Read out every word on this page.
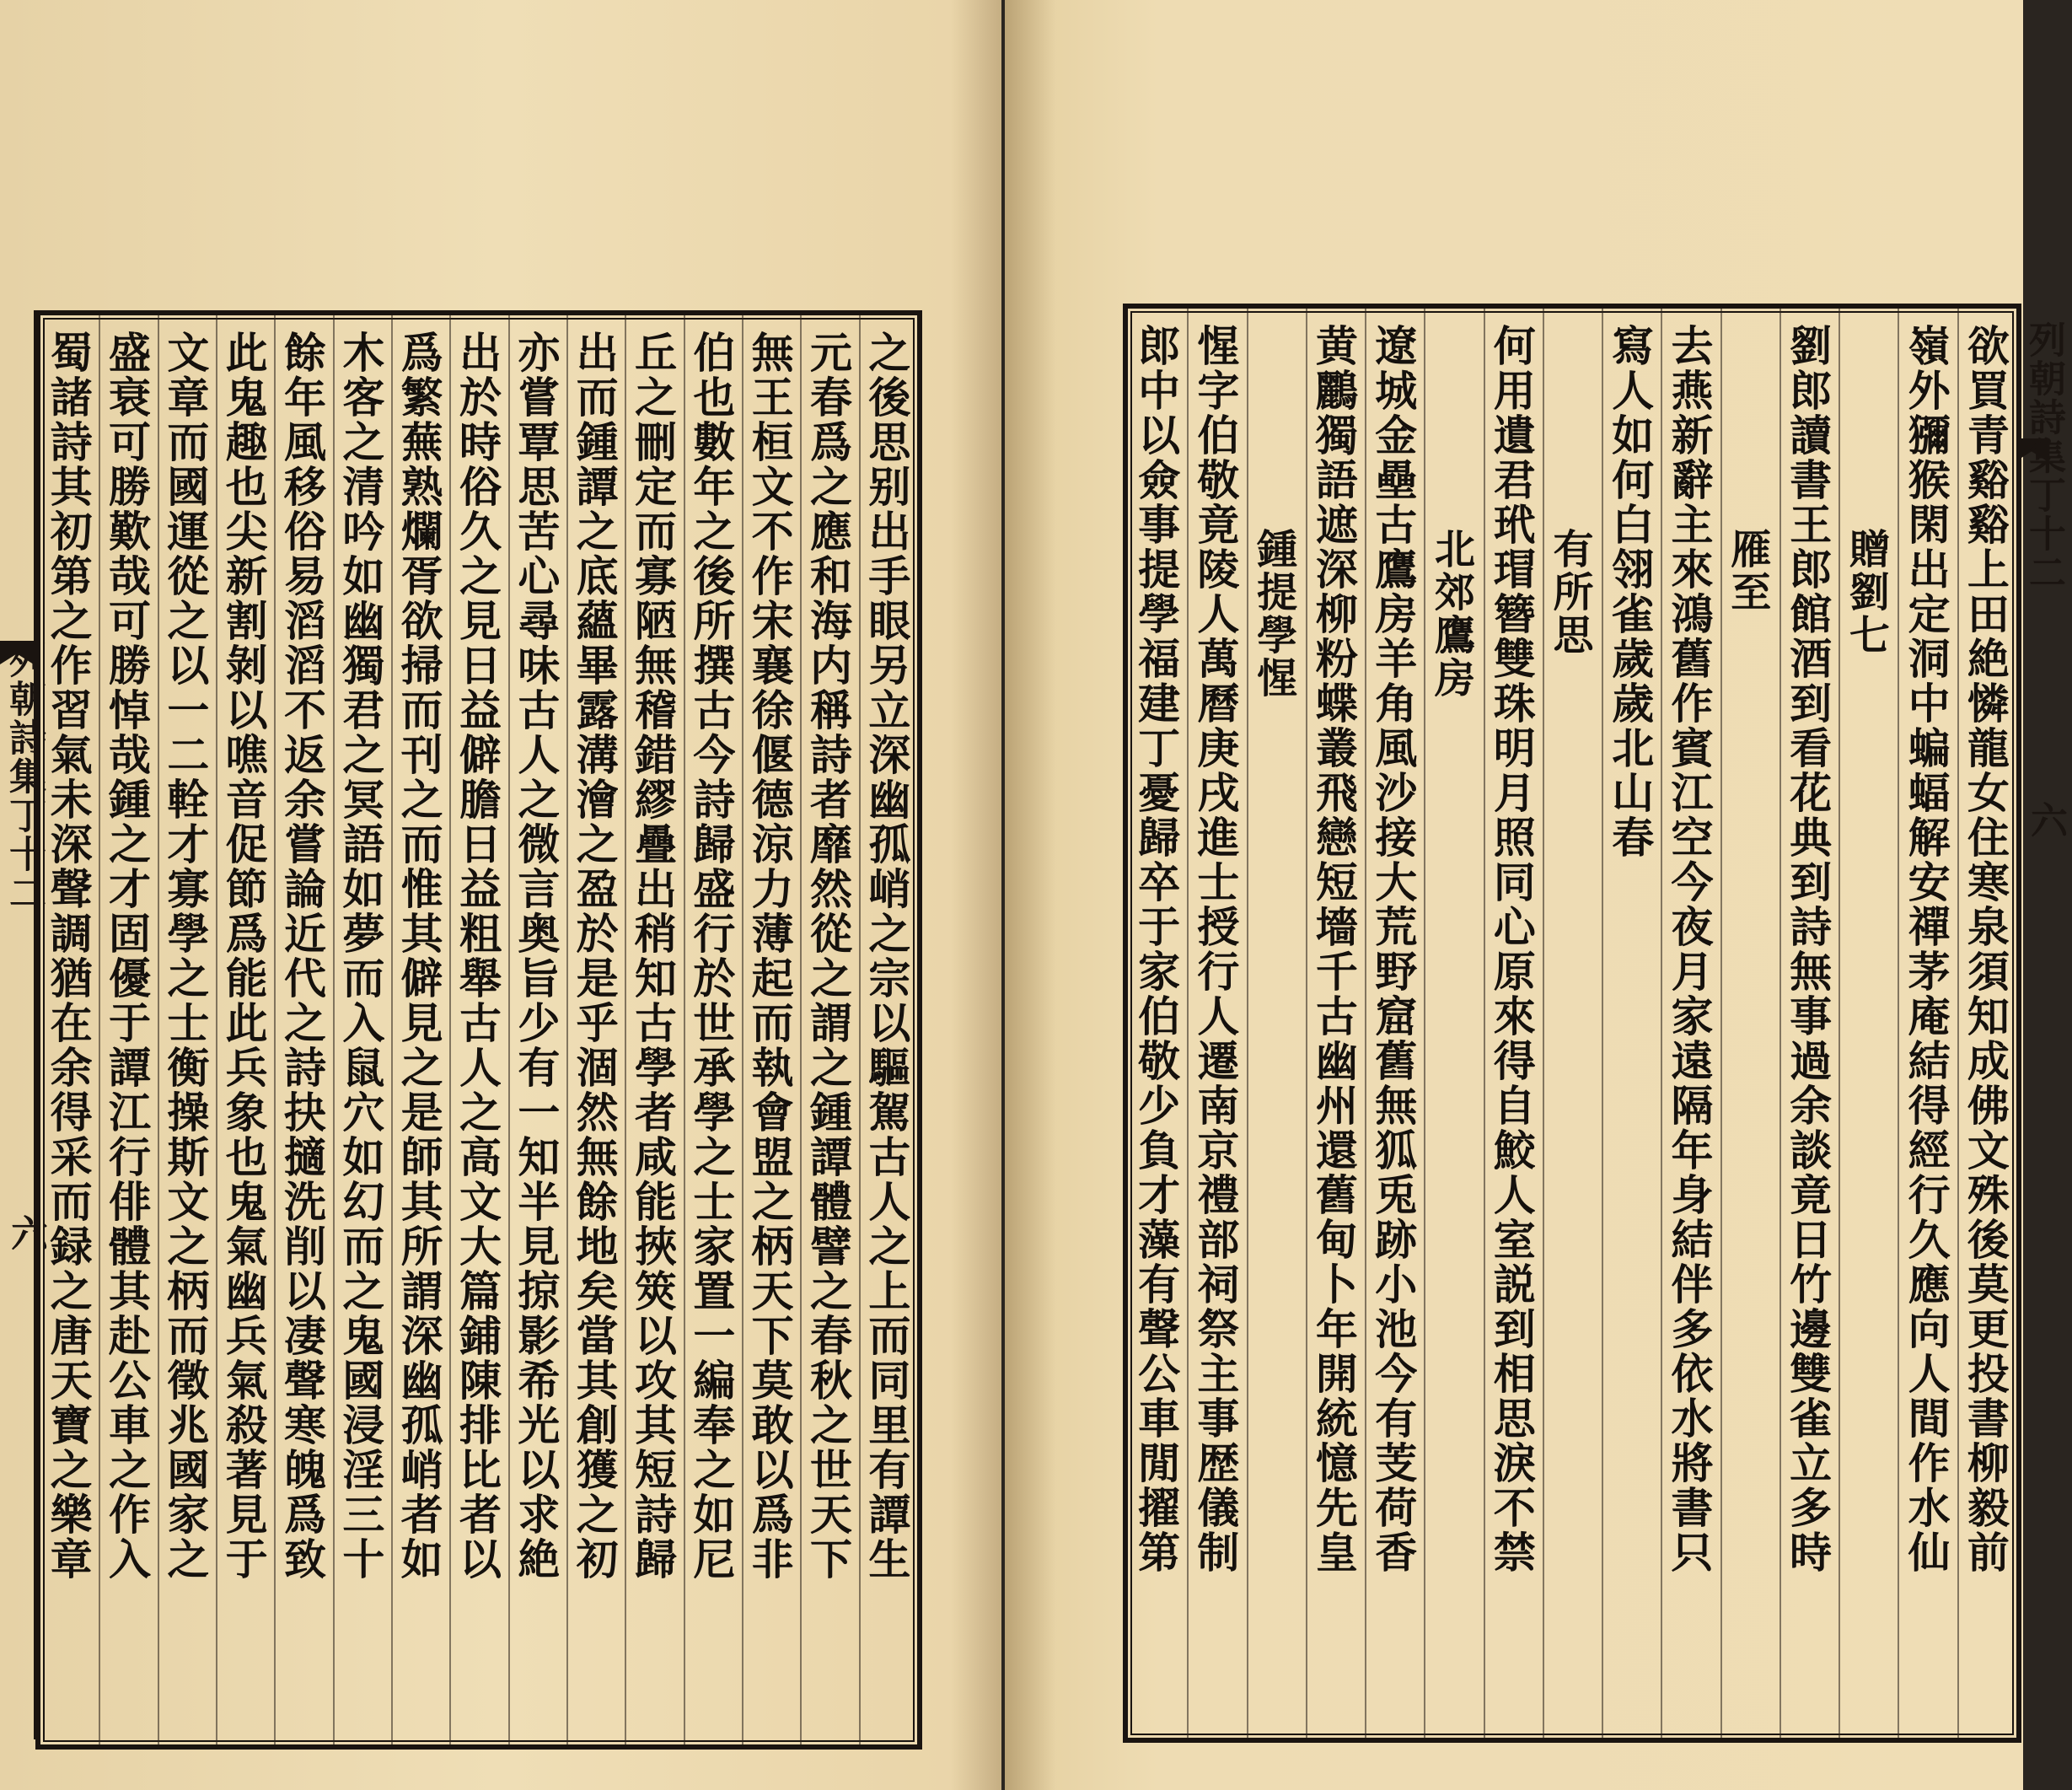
列朝詩集丁十二
六	之後思别出手眼另立深幽孤峭之宗以驅駕古人之上而同里有譚生
元春爲之應和海内稱詩者靡然從之謂之鍾譚體譬之春秋之世天下
無王桓文不作宋襄徐偃德涼力薄起而執會盟之柄天下莫敢以爲非
伯也數年之後所撰古今詩歸盛行於世承學之士家置一編奉之如尼
丘之刪定而寡陋無稽錯繆疊出稍知古學者咸能挾筴以攻其短詩歸
出而鍾譚之底蘊畢露溝澮之盈於是乎涸然無餘地矣當其創獲之初
亦嘗覃思苦心尋味古人之微言奥旨少有一知半見掠影希光以求絶
出於時俗久之見日益僻膽日益粗舉古人之高文大篇鋪陳排比者以
爲繁蕪熟爛胥欲掃而刊之而惟其僻見之是師其所謂深幽孤峭者如
木客之清吟如幽獨君之冥語如夢而入鼠穴如幻而之鬼國浸淫三十
餘年風移俗易滔滔不返余嘗論近代之詩抉擿洗削以凄聲寒魄爲致
此鬼趣也尖新割剝以噍音促節爲能此兵象也鬼氣幽兵氣殺著見于
文章而國運從之以一二輇才寡學之士衡操斯文之柄而徵兆國家之
盛衰可勝歎哉可勝悼哉鍾之才固優于譚江行俳體其赴公車之作入
蜀諸詩其初第之作習氣未深聲調猶在余得采而録之唐天寶之樂章	列朝詩集丁十二
六
欲買青谿谿上田絶憐龍女住寒泉須知成佛文殊後莫更投書柳毅前
嶺外獼猴閑出定洞中蝙蝠解安禪茅庵結得經行久應向人間作水仙
贈劉七
劉郎讀書王郎館酒到看花典到詩無事過余談竟日竹邊雙雀立多時
雁至
去燕新辭主來鴻舊作賓江空今夜月家遠隔年身結伴多依水將書只
寫人如何白翎雀歲歲北山春
有所思
何用遺君玳瑁簪雙珠明月照同心原來得自鮫人室説到相思淚不禁
北郊鷹房
遼城金壘古鷹房羊角風沙接大荒野窟舊無狐兎跡小池今有芰荷香
黄鸝獨語遮深柳粉蝶叢飛戀短墻千古幽州還舊甸卜年開統憶先皇
鍾提學惺
惺字伯敬竟陵人萬曆庚戌進士授行人遷南京禮部祠祭主事歴儀制
郎中以僉事提學福建丁憂歸卒于家伯敬少負才藻有聲公車閒擢第
